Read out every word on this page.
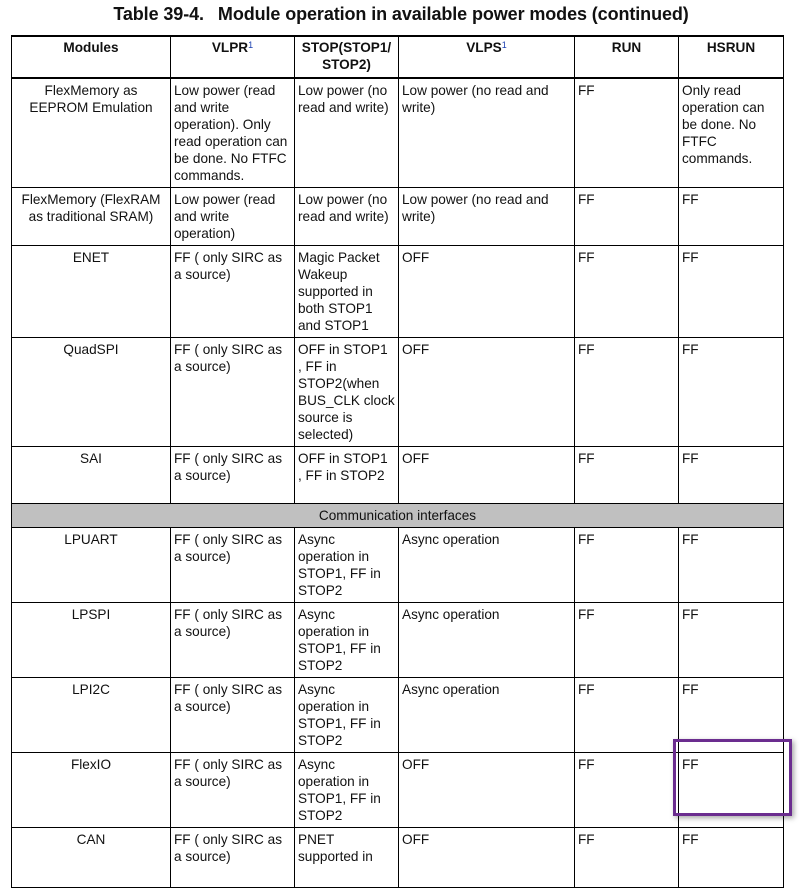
Table 39-4. Module operation in available power modes (continued)
Modules	VLPR$^1$	STOP(STOP1/ STOP2)	VLPS$^1$	RUN	HSRUN
FlexMemory as EEPROM Emulation	Low power (read and write operation). Only read operation can be done. No FTFC commands.	Low power (no read and write)	Low power (no read and write)	FF	Only read operation can be done. No FTFC commands.
FlexMemory (FlexRAM as traditional SRAM)	Low power (read and write operation)	Low power (no read and write)	Low power (no read and write)	FF	FF
ENET	FF ( only SIRC as a source)	Magic Packet Wakeup supported in both STOP1 and STOP1	OFF	FF	FF
QuadSPI	FF ( only SIRC as a source)	OFF in STOP1 , FF in STOP2(when BUS_CLK clock source is selected)	OFF	FF	FF
SAI	FF ( only SIRC as a source)	OFF in STOP1 , FF in STOP2	OFF	FF	FF
Communication interfaces					
LPUART	FF ( only SIRC as a source)	Async operation in STOP1, FF in STOP2	Async operation	FF	FF
LPSPI	FF ( only SIRC as a source)	Async operation in STOP1, FF in STOP2	Async operation	FF	FF
LPI2C	FF ( only SIRC as a source)	Async operation in STOP1, FF in STOP2	Async operation	FF	FF
FlexIO	FF ( only SIRC as a source)	Async operation in STOP1, FF in STOP2	OFF	FF	FF
CAN	FF ( only SIRC as a source)	PNET supported in	OFF	FF	FF
